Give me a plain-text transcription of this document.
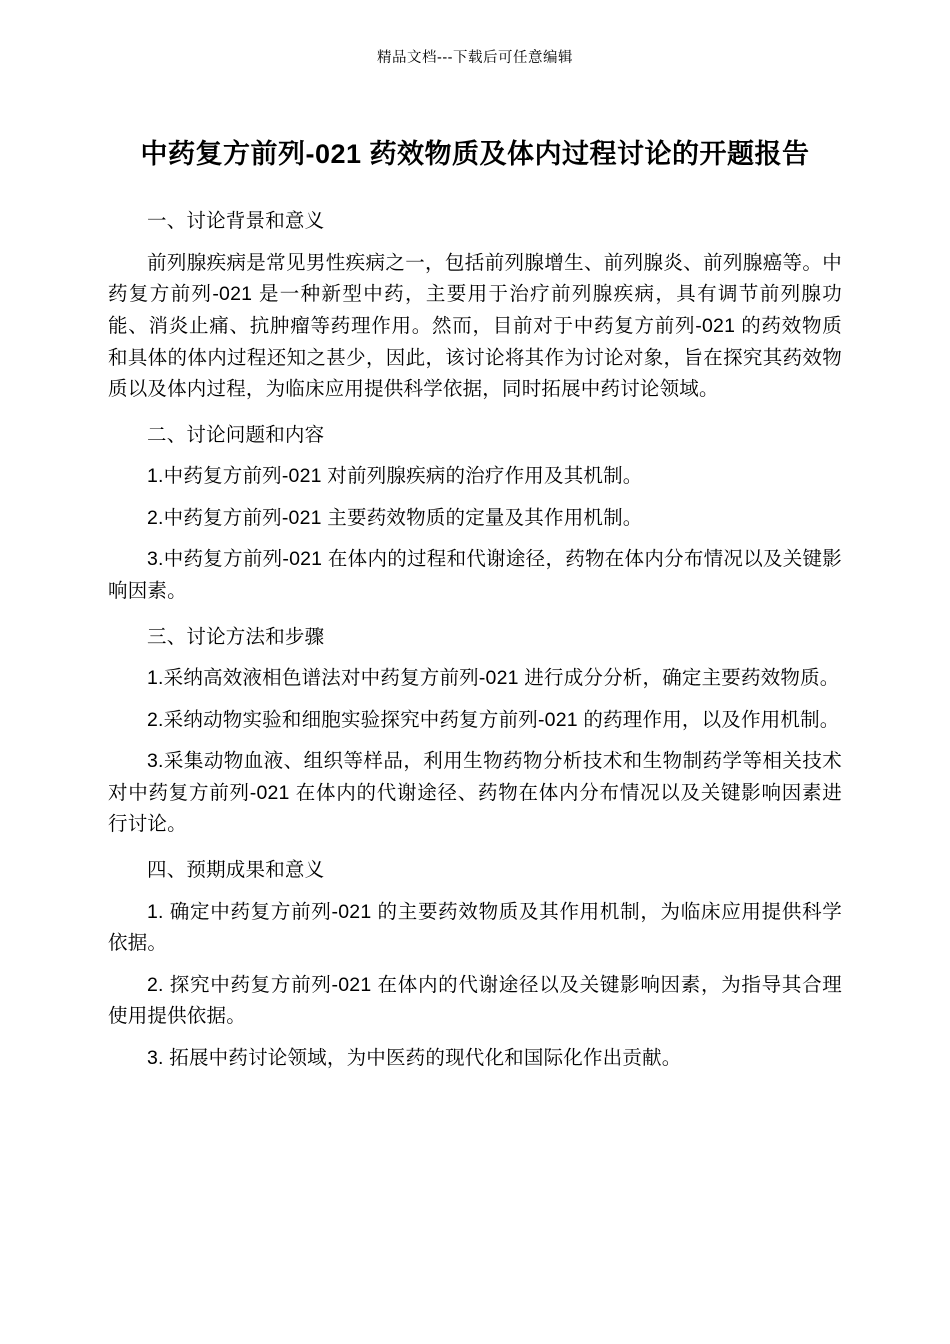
精品文档---下载后可任意编辑
中药复方前列-021 药效物质及体内过程讨论的开题报告

一、讨论背景和意义

前列腺疾病是常见男性疾病之一，包括前列腺增生、前列腺炎、前列腺癌等。中药复方前列-021 是一种新型中药，主要用于治疗前列腺疾病，具有调节前列腺功能、消炎止痛、抗肿瘤等药理作用。然而，目前对于中药复方前列-021 的药效物质和具体的体内过程还知之甚少，因此，该讨论将其作为讨论对象，旨在探究其药效物质以及体内过程，为临床应用提供科学依据，同时拓展中药讨论领域。

二、讨论问题和内容

1.中药复方前列-021 对前列腺疾病的治疗作用及其机制。

2.中药复方前列-021 主要药效物质的定量及其作用机制。

3.中药复方前列-021 在体内的过程和代谢途径，药物在体内分布情况以及关键影响因素。

三、讨论方法和步骤

1.采纳高效液相色谱法对中药复方前列-021 进行成分分析，确定主要药效物质。

2.采纳动物实验和细胞实验探究中药复方前列-021 的药理作用，以及作用机制。

3.采集动物血液、组织等样品，利用生物药物分析技术和生物制药学等相关技术对中药复方前列-021 在体内的代谢途径、药物在体内分布情况以及关键影响因素进行讨论。

四、预期成果和意义

1. 确定中药复方前列-021 的主要药效物质及其作用机制，为临床应用提供科学依据。

2. 探究中药复方前列-021 在体内的代谢途径以及关键影响因素，为指导其合理使用提供依据。

3. 拓展中药讨论领域，为中医药的现代化和国际化作出贡献。
